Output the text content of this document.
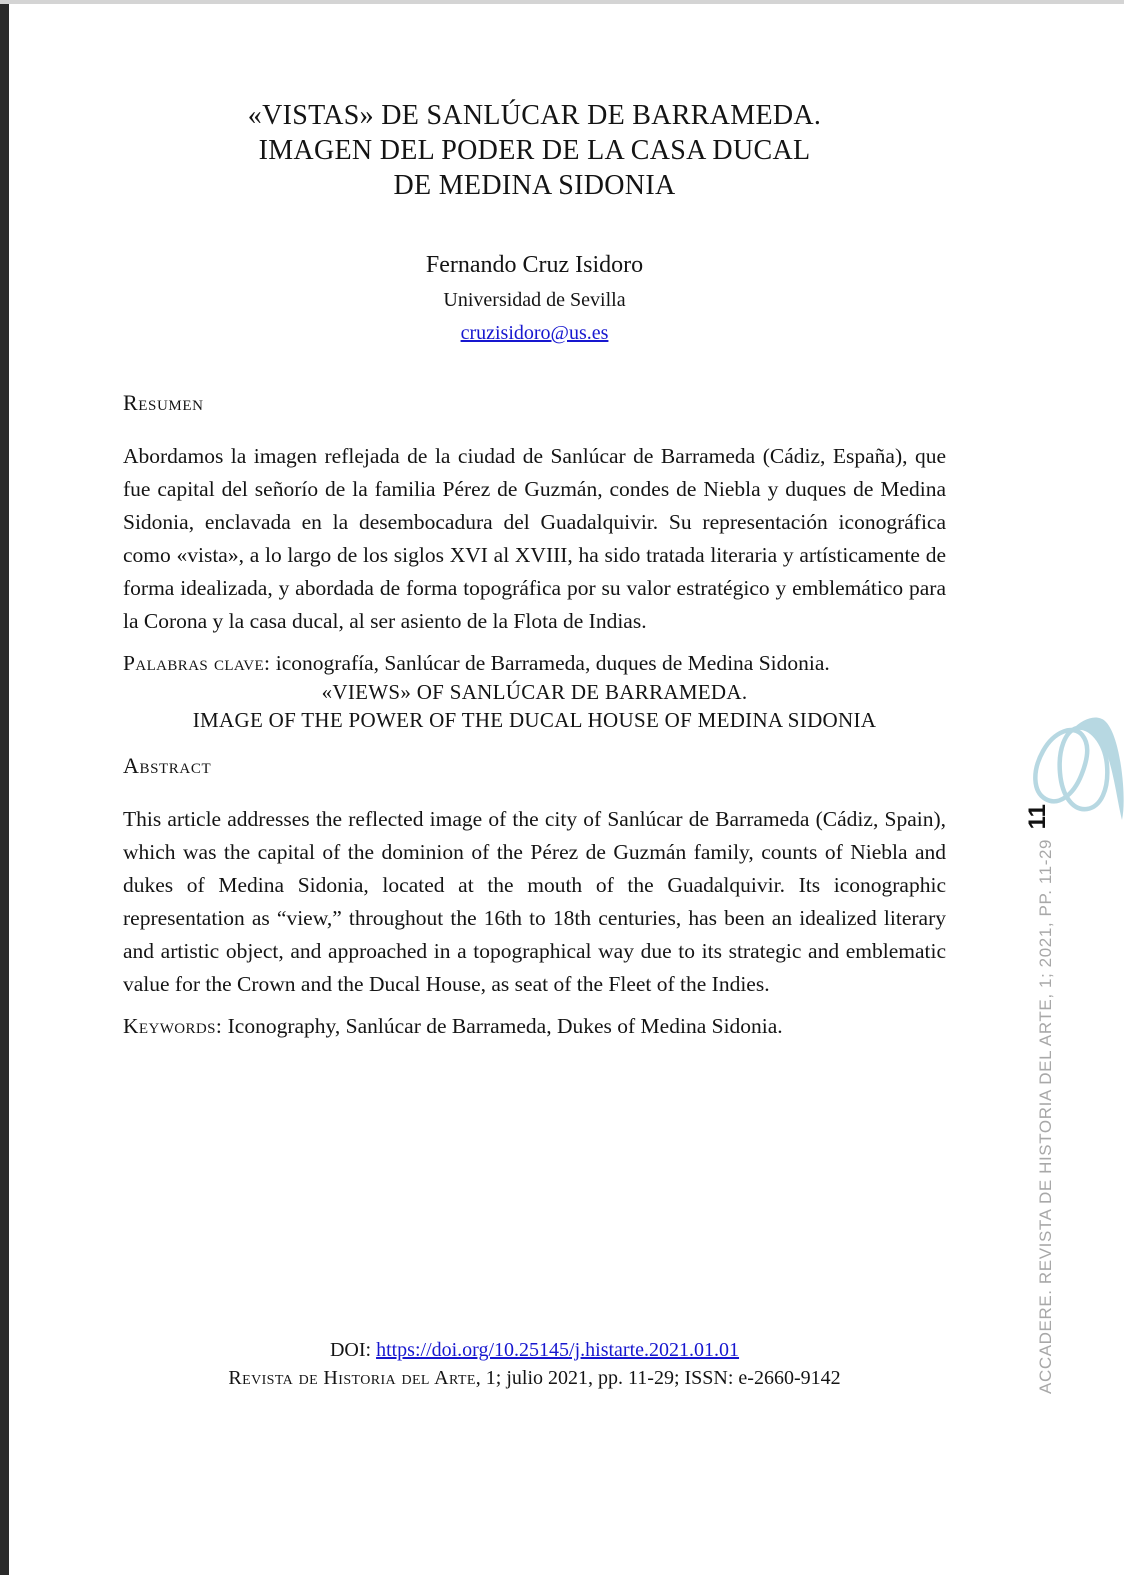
«VISTAS» DE SANLÚCAR DE BARRAMEDA.
IMAGEN DEL PODER DE LA CASA DUCAL
DE MEDINA SIDONIA
Fernando Cruz Isidoro
Universidad de Sevilla
cruzisidoro@us.es
Resumen

Abordamos la imagen reflejada de la ciudad de Sanlúcar de Barrameda (Cádiz, España), que fue capital del señorío de la familia Pérez de Guzmán, condes de Niebla y duques de Medina Sidonia, enclavada en la desembocadura del Guadalquivir. Su representación iconográfica como «vista», a lo largo de los siglos XVI al XVIII, ha sido tratada literaria y artísticamente de forma idealizada, y abordada de forma topográfica por su valor estratégico y emblemático para la Corona y la casa ducal, al ser asiento de la Flota de Indias.

Palabras clave: iconografía, Sanlúcar de Barrameda, duques de Medina Sidonia.

«VIEWS» OF SANLÚCAR DE BARRAMEDA.
IMAGE OF THE POWER OF THE DUCAL HOUSE OF MEDINA SIDONIA
Abstract

This article addresses the reflected image of the city of Sanlúcar de Barrameda (Cádiz, Spain), which was the capital of the dominion of the Pérez de Guzmán family, counts of Niebla and dukes of Medina Sidonia, located at the mouth of the Guadalquivir. Its iconographic representation as “view,” throughout the 16th to 18th centuries, has been an idealized literary and artistic object, and approached in a topographical way due to its strategic and emblematic value for the Crown and the Ducal House, as seat of the Fleet of the Indies.

Keywords: Iconography, Sanlúcar de Barrameda, Dukes of Medina Sidonia.

DOI: https://doi.org/10.25145/j.histarte.2021.01.01
Revista de Historia del Arte, 1; julio 2021, pp. 11-29; ISSN: e-2660-9142
11
ACCADERE. REVISTA DE HISTORIA DEL ARTE, 1; 2021, PP. 11-29
